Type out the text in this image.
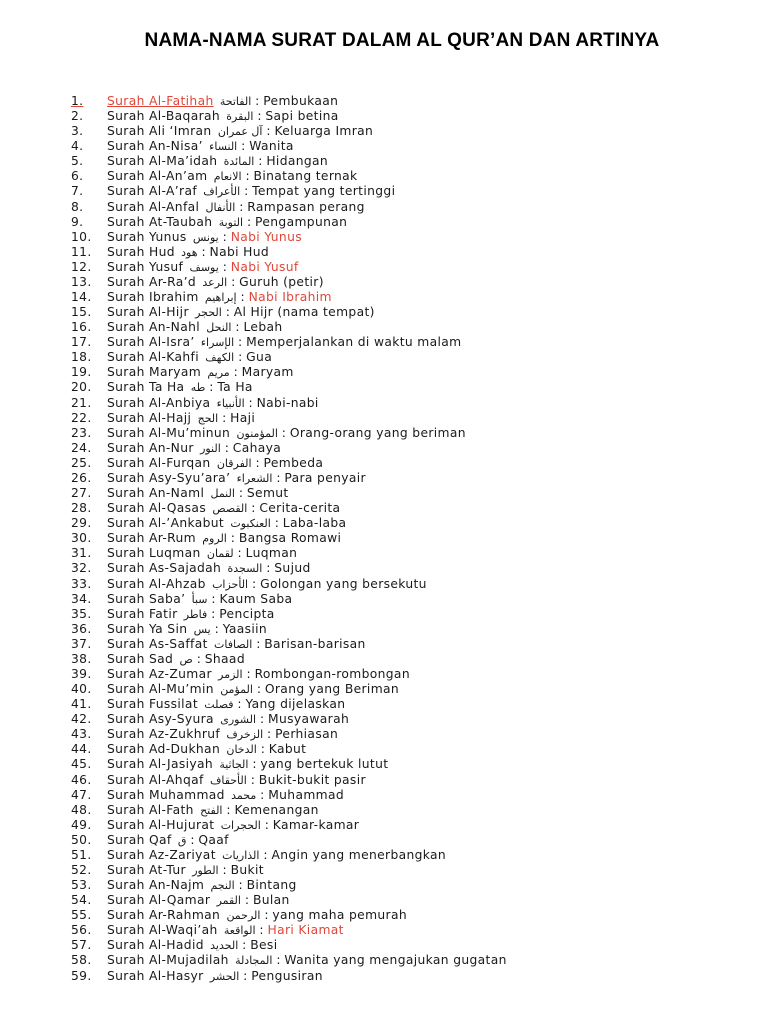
NAMA-NAMA SURAT DALAM AL QUR’AN DAN ARTINYA
1.	Surah Al-Fatihah الفاتحة : Pembukaan
2.	Surah Al-Baqarah البقرة : Sapi betina
3.	Surah Ali ‘Imran آل عمران : Keluarga Imran
4.	Surah An-Nisa’ النساء : Wanita
5.	Surah Al-Ma’idah المائدة : Hidangan
6.	Surah Al-An’am الانعام : Binatang ternak
7.	Surah Al-A’raf الأعراف : Tempat yang tertinggi
8.	Surah Al-Anfal الأنفال : Rampasan perang
9.	Surah At-Taubah التوبة : Pengampunan
10.	Surah Yunus يونس : Nabi Yunus
11.	Surah Hud هود : Nabi Hud
12.	Surah Yusuf يوسف : Nabi Yusuf
13.	Surah Ar-Ra’d الرعد : Guruh (petir)
14.	Surah Ibrahim إبراهيم : Nabi Ibrahim
15.	Surah Al-Hijr الحجر : Al Hijr (nama tempat)
16.	Surah An-Nahl النحل : Lebah
17.	Surah Al-Isra’ الإسراء : Memperjalankan di waktu malam
18.	Surah Al-Kahfi الكهف : Gua
19.	Surah Maryam مريم : Maryam
20.	Surah Ta Ha طه : Ta Ha
21.	Surah Al-Anbiya الأنبياء : Nabi-nabi
22.	Surah Al-Hajj الحج : Haji
23.	Surah Al-Mu’minun المؤمنون : Orang-orang yang beriman
24.	Surah An-Nur النور : Cahaya
25.	Surah Al-Furqan الفرقان : Pembeda
26.	Surah Asy-Syu’ara’ الشعراء : Para penyair
27.	Surah An-Naml النمل : Semut
28.	Surah Al-Qasas القصص : Cerita-cerita
29.	Surah Al-’Ankabut العنكبوت : Laba-laba
30.	Surah Ar-Rum الروم : Bangsa Romawi
31.	Surah Luqman لقمان : Luqman
32.	Surah As-Sajadah السجدة : Sujud
33.	Surah Al-Ahzab الأحزاب : Golongan yang bersekutu
34.	Surah Saba’ سبأ : Kaum Saba
35.	Surah Fatir فاطر : Pencipta
36.	Surah Ya Sin يس : Yaasiin
37.	Surah As-Saffat الصافات : Barisan-barisan
38.	Surah Sad ص : Shaad
39.	Surah Az-Zumar الزمر : Rombongan-rombongan
40.	Surah Al-Mu’min المؤمن : Orang yang Beriman
41.	Surah Fussilat فصلت : Yang dijelaskan
42.	Surah Asy-Syura الشورى : Musyawarah
43.	Surah Az-Zukhruf الزخرف : Perhiasan
44.	Surah Ad-Dukhan الدخان : Kabut
45.	Surah Al-Jasiyah الجاثية : yang bertekuk lutut
46.	Surah Al-Ahqaf الأحقاف : Bukit-bukit pasir
47.	Surah Muhammad محمد : Muhammad
48.	Surah Al-Fath الفتح : Kemenangan
49.	Surah Al-Hujurat الحجرات : Kamar-kamar
50.	Surah Qaf ق : Qaaf
51.	Surah Az-Zariyat الذاريات : Angin yang menerbangkan
52.	Surah At-Tur الطور : Bukit
53.	Surah An-Najm النجم : Bintang
54.	Surah Al-Qamar القمر : Bulan
55.	Surah Ar-Rahman الرحمن : yang maha pemurah
56.	Surah Al-Waqi’ah الواقعة : Hari Kiamat
57.	Surah Al-Hadid الحديد : Besi
58.	Surah Al-Mujadilah المجادلة : Wanita yang mengajukan gugatan
59.	Surah Al-Hasyr الحشر : Pengusiran
